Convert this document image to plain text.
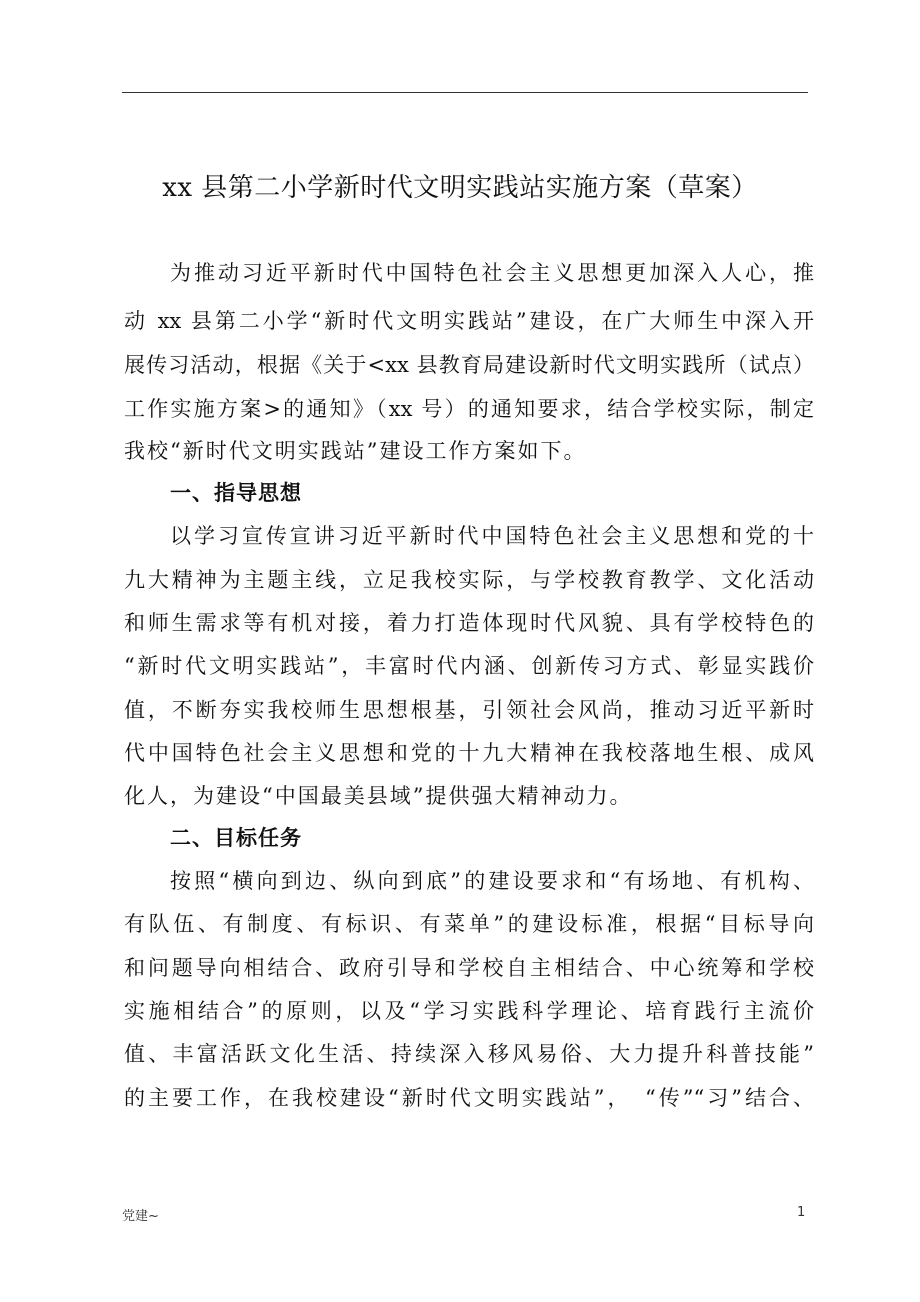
xx 县第二小学新时代文明实践站实施方案（草案）
为推动习近平新时代中国特色社会主义思想更加深入人心，推
动 xx 县第二小学“新时代文明实践站”建设，在广大师生中深入开
展传习活动，根据《关于<xx 县教育局建设新时代文明实践所（试点）
工作实施方案>的通知》（xx 号）的通知要求，结合学校实际，制定
我校“新时代文明实践站”建设工作方案如下。
一、指导思想
以学习宣传宣讲习近平新时代中国特色社会主义思想和党的十
九大精神为主题主线，立足我校实际，与学校教育教学、文化活动
和师生需求等有机对接，着力打造体现时代风貌、具有学校特色的
“新时代文明实践站”，丰富时代内涵、创新传习方式、彰显实践价
值，不断夯实我校师生思想根基，引领社会风尚，推动习近平新时
代中国特色社会主义思想和党的十九大精神在我校落地生根、成风
化人，为建设“中国最美县域”提供强大精神动力。
二、目标任务
按照“横向到边、纵向到底”的建设要求和“有场地、有机构、
有队伍、有制度、有标识、有菜单”的建设标准，根据“目标导向
和问题导向相结合、政府引导和学校自主相结合、中心统筹和学校
实施相结合”的原则，以及“学习实践科学理论、培育践行主流价
值、丰富活跃文化生活、持续深入移风易俗、大力提升科普技能”
的主要工作，在我校建设“新时代文明实践站”，　“传”“习”结合、
党建~	1
